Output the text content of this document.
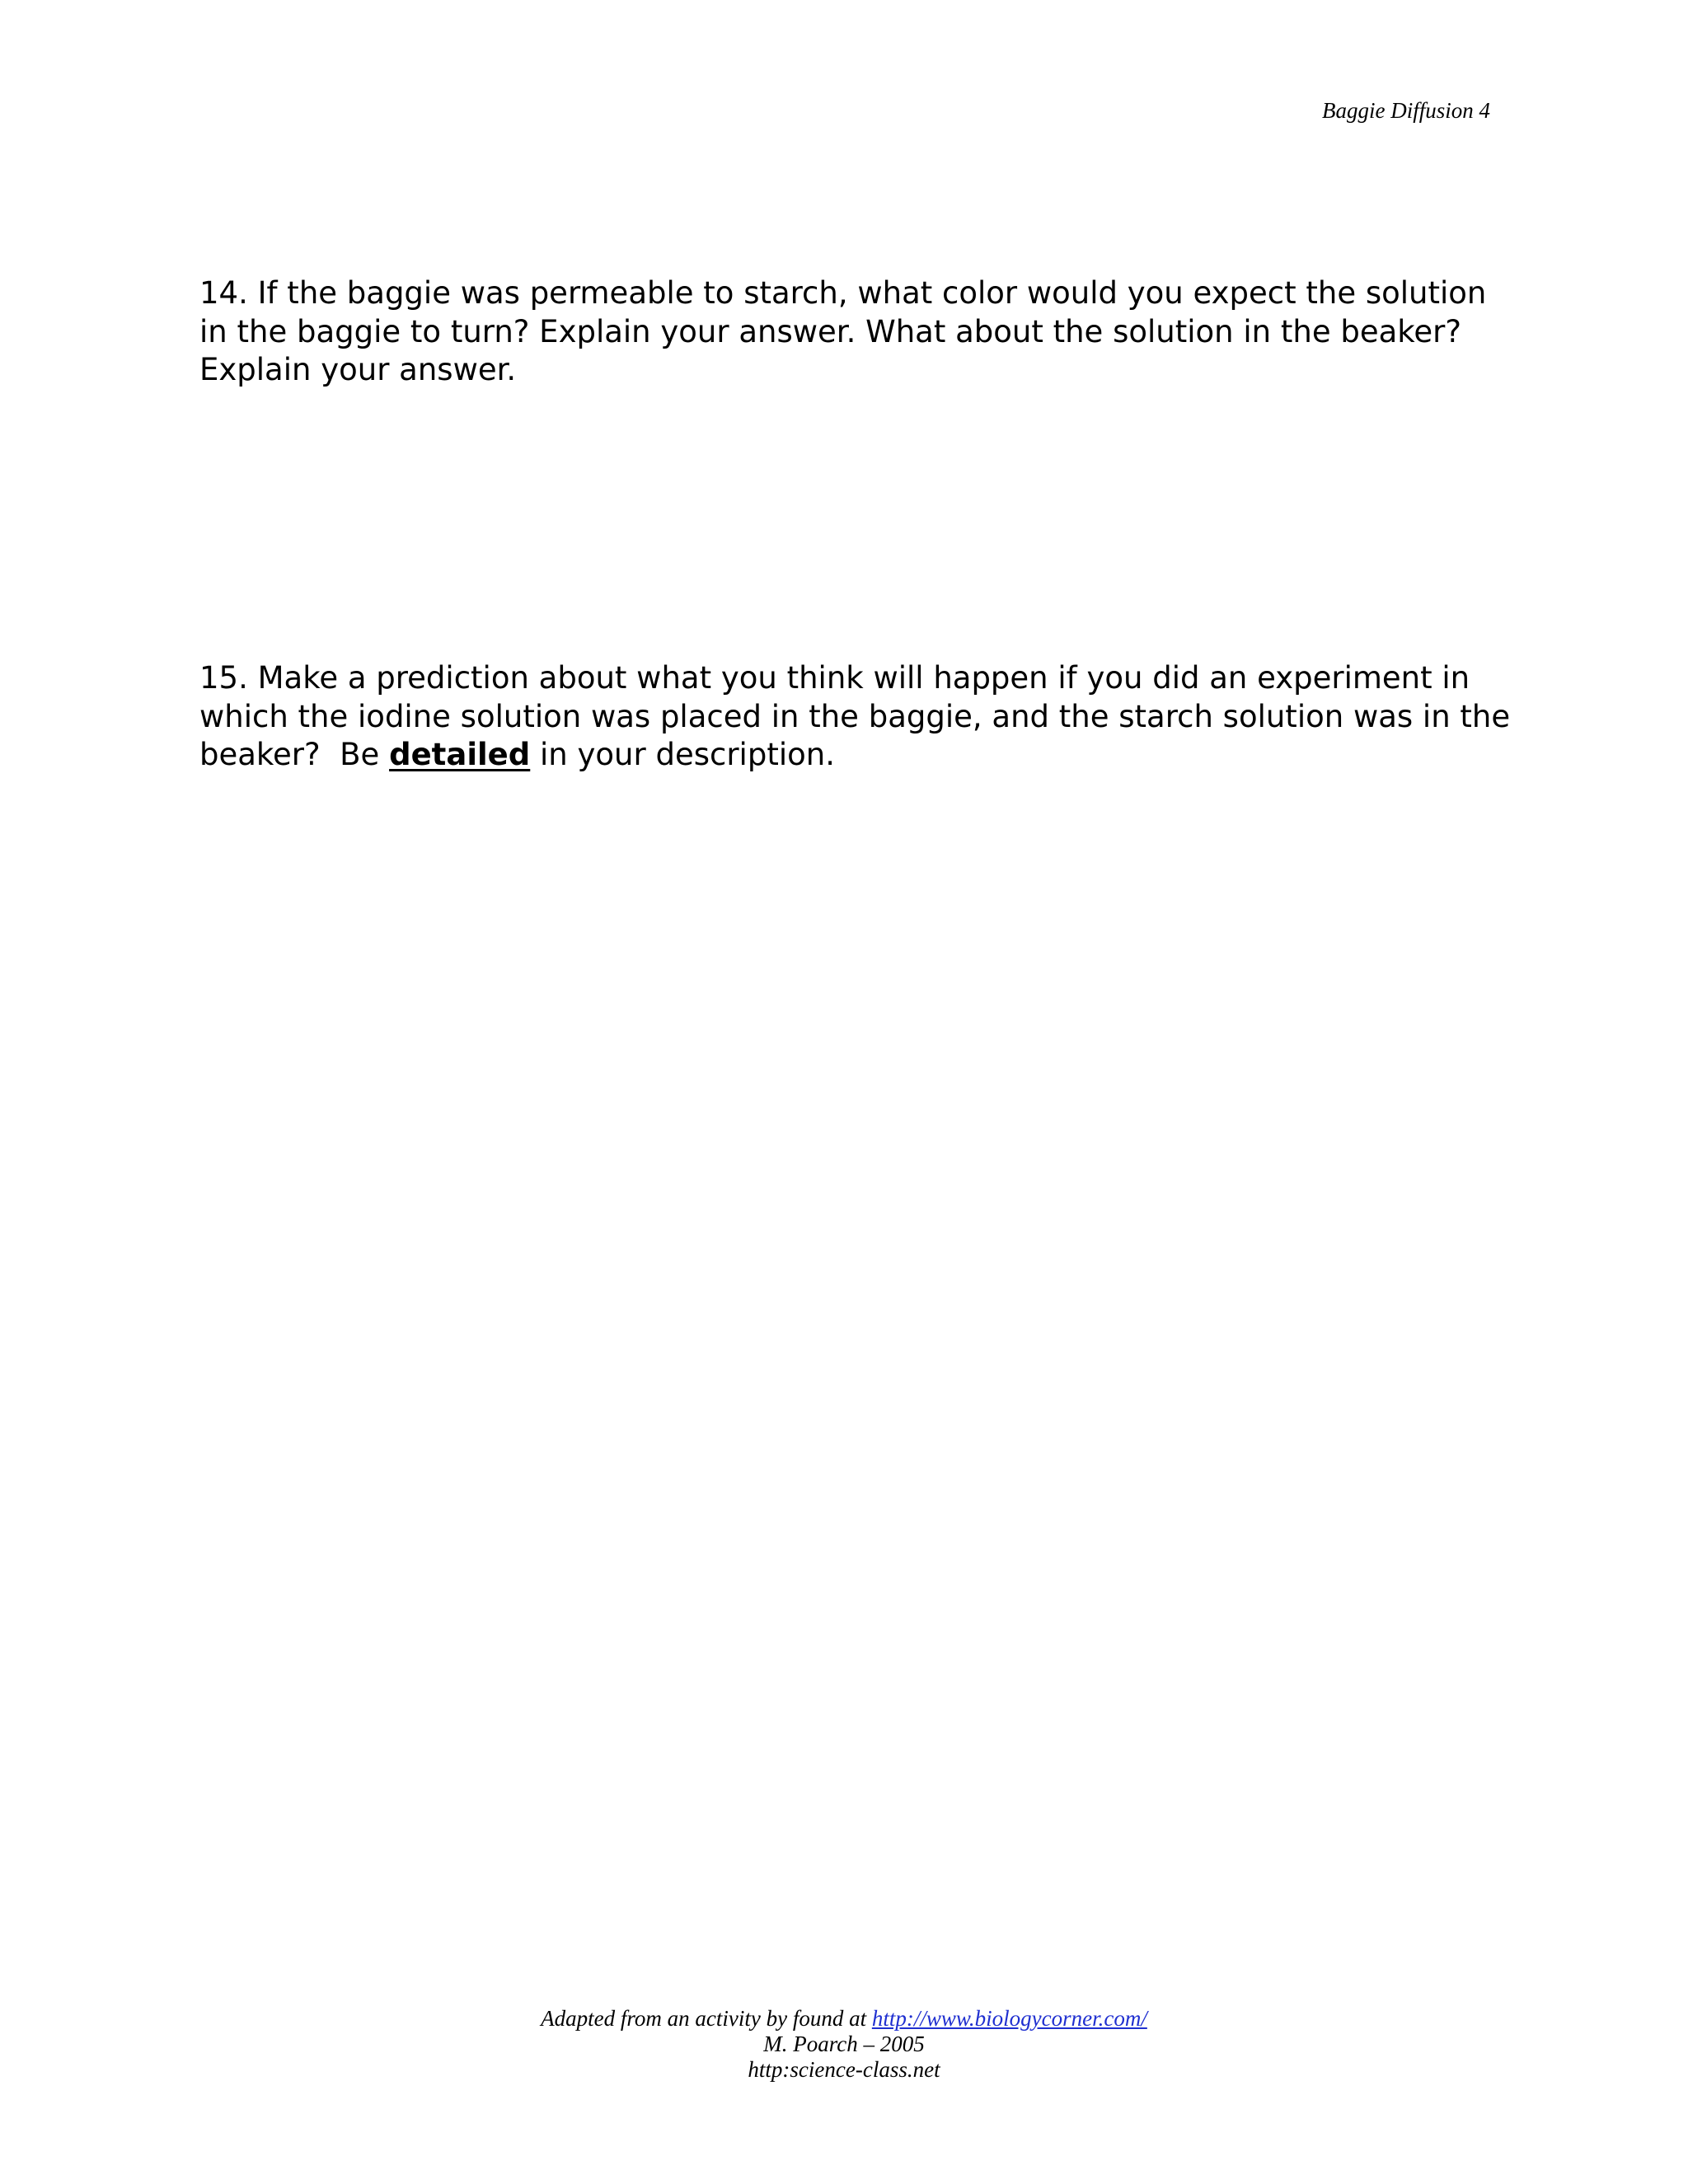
Baggie Diffusion 4

14. If the baggie was permeable to starch, what color would you expect the solution in the baggie to turn? Explain your answer. What about the solution in the beaker? Explain your answer.

15. Make a prediction about what you think will happen if you did an experiment in which the iodine solution was placed in the baggie, and the starch solution was in the beaker?  Be detailed in your description.

Adapted from an activity by found at http://www.biologycorner.com/
M. Poarch – 2005
http:science-class.net
